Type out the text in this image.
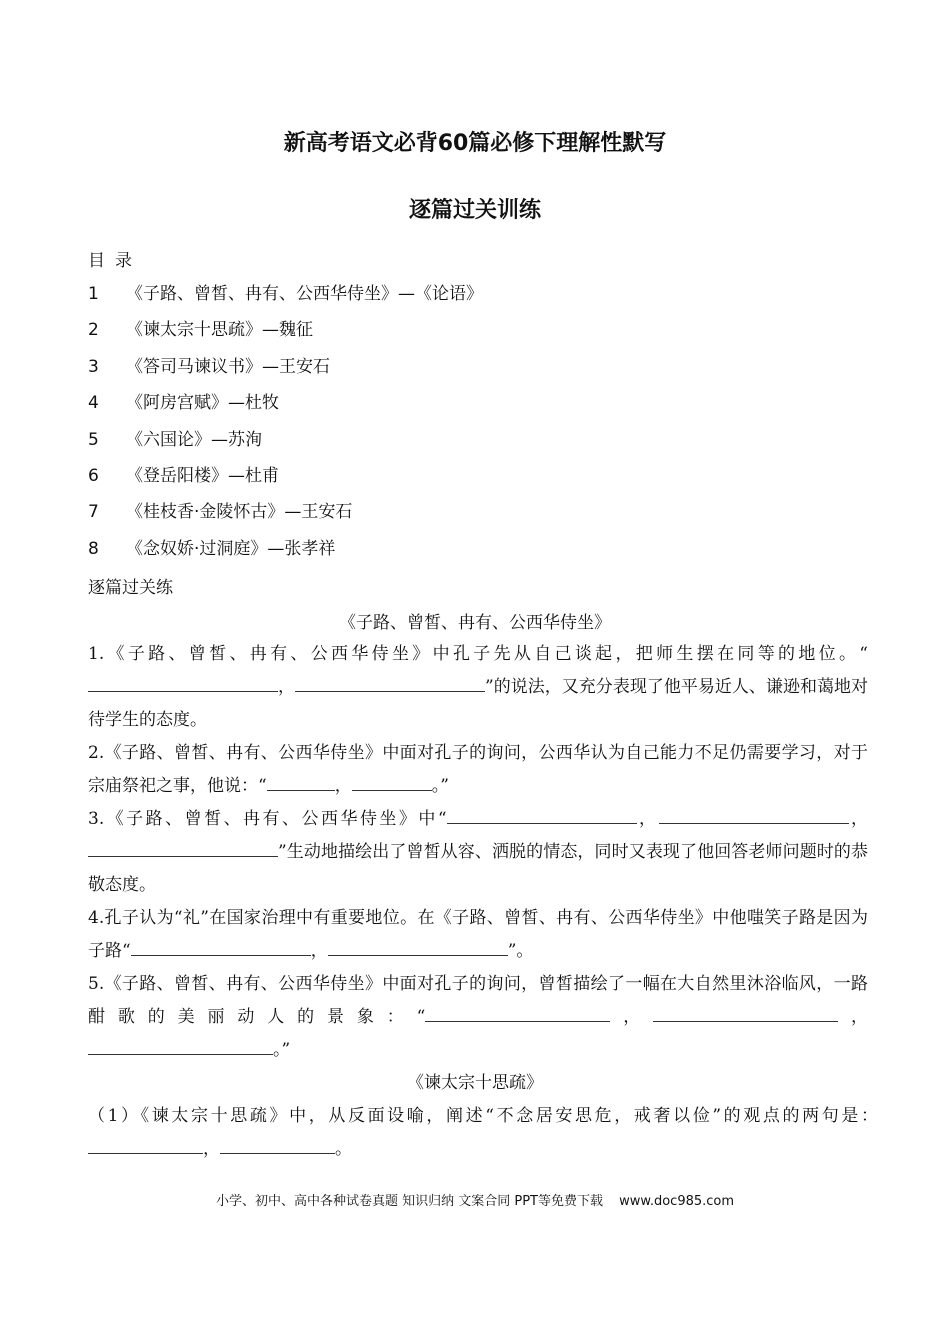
新高考语文必背60篇必修下理解性默写
逐篇过关训练
目录
1 《子路、曾皙、冉有、公西华侍坐》—《论语》
2 《谏太宗十思疏》—魏征
3 《答司马谏议书》—王安石
4 《阿房宫赋》—杜牧
5 《六国论》—苏洵
6 《登岳阳楼》—杜甫
7 《桂枝香·金陵怀古》—王安石
8 《念奴娇·过洞庭》—张孝祥
逐篇过关练
《子路、曾皙、冉有、公西华侍坐》

1.《子路、曾皙、冉有、公西华侍坐》中孔子先从自己谈起，把师生摆在同等的地位。“，	”的说法，又充分表现了他平易近人、谦逊和蔼地对待学生的态度。

2.《子路、曾皙、冉有、公西华侍坐》中面对孔子的询问，公西华认为自己能力不足仍需要学习，对于宗庙祭祀之事，他说：“	，	。”

3.《子路、曾皙、冉有、公西华侍坐》中“	，	，”生动地描绘出了曾皙从容、洒脱的情态，同时又表现了他回答老师问题时的恭敬态度。

4.孔子认为“礼”在国家治理中有重要地位。在《子路、曾皙、冉有、公西华侍坐》中他嗤笑子路是因为子路“	，	”。

5.《子路、曾皙、冉有、公西华侍坐》中面对孔子的询问，曾皙描绘了一幅在大自然里沐浴临风，一路酣歌的美丽动人的景象：“	，	，。”

《谏太宗十思疏》

（1）《谏太宗十思疏》中，从反面设喻，阐述“不念居安思危，戒奢以俭”的观点的两句是：，	。

小学、初中、高中各种试卷真题 知识归纳 文案合同 PPT等免费下载 www.doc985.com
